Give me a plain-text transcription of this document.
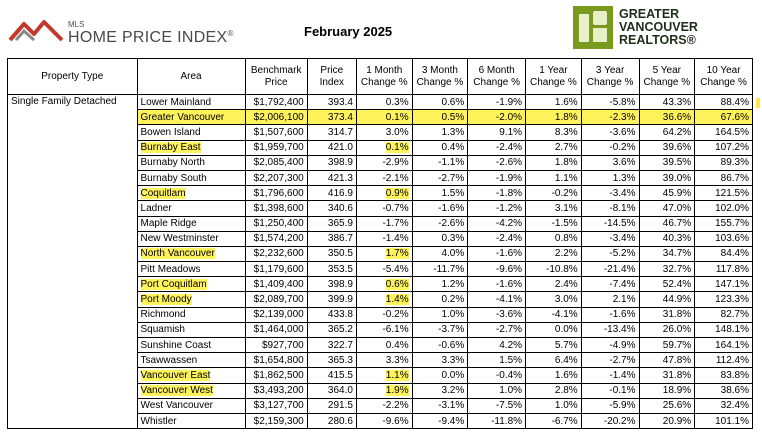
MLS
HOME PRICE INDEX®	February 2025
GREATER
VANCOUVER
REALTORS®
Property Type	Area	Benchmark Price	Price Index	1 Month Change %	3 Month Change %	6 Month Change %	1 Year Change %	3 Year Change %	5 Year Change %	10 Year Change %
Single Family Detached	Lower Mainland	$1,792,400	393.4	0.3%	0.6%	-1.9%	1.6%	-5.8%	43.3%	88.4%
	Greater Vancouver	$2,006,100	373.4	0.1%	0.5%	-2.0%	1.8%	-2.3%	36.6%	67.6%
	Bowen Island	$1,507,600	314.7	3.0%	1.3%	9.1%	8.3%	-3.6%	64.2%	164.5%
	Burnaby East	$1,959,700	421.0	0.1%	0.4%	-2.4%	2.7%	-0.2%	39.6%	107.2%
	Burnaby North	$2,085,400	398.9	-2.9%	-1.1%	-2.6%	1.8%	3.6%	39.5%	89.3%
	Burnaby South	$2,207,300	421.3	-2.1%	-2.7%	-1.9%	1.1%	1.3%	39.0%	86.7%
	Coquitlam	$1,796,600	416.9	0.9%	1.5%	-1.8%	-0.2%	-3.4%	45.9%	121.5%
	Ladner	$1,398,600	340.6	-0.7%	-1.6%	-1.2%	3.1%	-8.1%	47.0%	102.0%
	Maple Ridge	$1,250,400	365.9	-1.7%	-2.6%	-4.2%	-1.5%	-14.5%	46.7%	155.7%
	New Westminster	$1,574,200	386.7	-1.4%	0.3%	-2.4%	0.8%	-3.4%	40.3%	103.6%
	North Vancouver	$2,232,600	350.5	1.7%	4.0%	-1.6%	2.2%	-5.2%	34.7%	84.4%
	Pitt Meadows	$1,179,600	353.5	-5.4%	-11.7%	-9.6%	-10.8%	-21.4%	32.7%	117.8%
	Port Coquitlam	$1,409,400	398.9	0.6%	1.2%	-1.6%	2.4%	-7.4%	52.4%	147.1%
	Port Moody	$2,089,700	399.9	1.4%	0.2%	-4.1%	3.0%	2.1%	44.9%	123.3%
	Richmond	$2,139,000	433.8	-0.2%	1.0%	-3.6%	-4.1%	-1.6%	31.8%	82.7%
	Squamish	$1,464,000	365.2	-6.1%	-3.7%	-2.7%	0.0%	-13.4%	26.0%	148.1%
	Sunshine Coast	$927,700	322.7	0.4%	-0.6%	4.2%	5.7%	-4.9%	59.7%	164.1%
	Tsawwassen	$1,654,800	365.3	3.3%	3.3%	1.5%	6.4%	-2.7%	47.8%	112.4%
	Vancouver East	$1,862,500	415.5	1.1%	0.0%	-0.4%	1.6%	-1.4%	31.8%	83.8%
	Vancouver West	$3,493,200	364.0	1.9%	3.2%	1.0%	2.8%	-0.1%	18.9%	38.6%
	West Vancouver	$3,127,700	291.5	-2.2%	-3.1%	-7.5%	1.0%	-5.9%	25.6%	32.4%
	Whistler	$2,159,300	280.6	-9.6%	-9.4%	-11.8%	-6.7%	-20.2%	20.9%	101.1%
